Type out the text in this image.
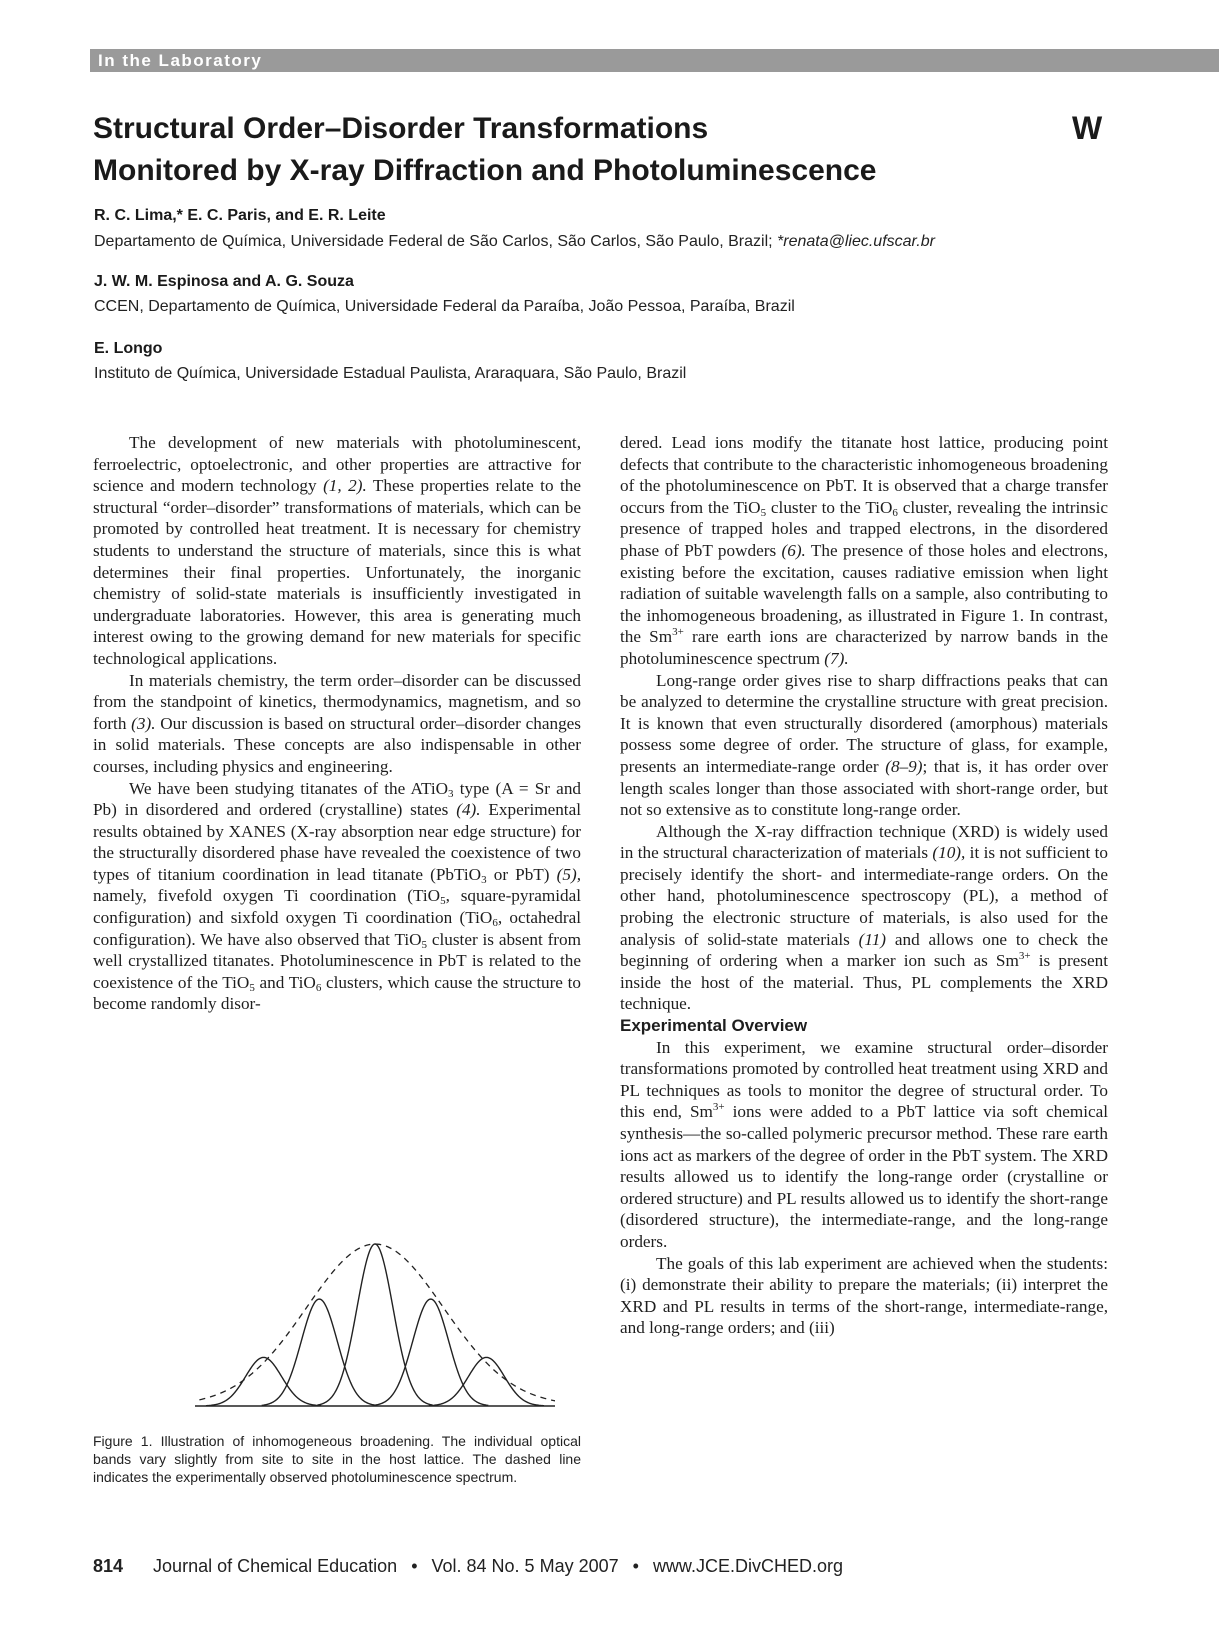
In the Laboratory
Structural Order–Disorder Transformations
Monitored by X-ray Diffraction and Photoluminescence
W
R. C. Lima,* E. C. Paris, and E. R. Leite
Departamento de Química, Universidade Federal de São Carlos, São Carlos, São Paulo, Brazil; *renata@liec.ufscar.br
J. W. M. Espinosa and A. G. Souza
CCEN, Departamento de Química, Universidade Federal da Paraíba, João Pessoa, Paraíba, Brazil
E. Longo
Instituto de Química, Universidade Estadual Paulista, Araraquara, São Paulo, Brazil

The development of new materials with photoluminescent, ferroelectric, optoelectronic, and other properties are attractive for science and modern technology (1, 2). These properties relate to the structural “order–disorder” transformations of materials, which can be promoted by controlled heat treatment. It is necessary for chemistry students to understand the structure of materials, since this is what determines their final properties. Unfortunately, the inorganic chemistry of solid-state materials is insufficiently investigated in undergraduate laboratories. However, this area is generating much interest owing to the growing demand for new materials for specific technological applications.

In materials chemistry, the term order–disorder can be discussed from the standpoint of kinetics, thermodynamics, magnetism, and so forth (3). Our discussion is based on structural order–disorder changes in solid materials. These concepts are also indispensable in other courses, including physics and engineering.

We have been studying titanates of the ATiO$_3$ type (A = Sr and Pb) in disordered and ordered (crystalline) states (4). Experimental results obtained by XANES (X-ray absorption near edge structure) for the structurally disordered phase have revealed the coexistence of two types of titanium coordination in lead titanate (PbTiO$_3$ or PbT) (5), namely, fivefold oxygen Ti coordination (TiO$_5$, square-pyramidal configuration) and sixfold oxygen Ti coordination (TiO$_6$, octahedral configuration). We have also observed that TiO$_5$ cluster is absent from well crystallized titanates. Photoluminescence in PbT is related to the coexistence of the TiO$_5$ and TiO$_6$ clusters, which cause the structure to become randomly disor-

dered. Lead ions modify the titanate host lattice, producing point defects that contribute to the characteristic inhomogeneous broadening of the photoluminescence on PbT. It is observed that a charge transfer occurs from the TiO$_5$ cluster to the TiO$_6$ cluster, revealing the intrinsic presence of trapped holes and trapped electrons, in the disordered phase of PbT powders (6). The presence of those holes and electrons, existing before the excitation, causes radiative emission when light radiation of suitable wavelength falls on a sample, also contributing to the inhomogeneous broadening, as illustrated in Figure 1. In contrast, the $Sm^{3+}$ rare earth ions are characterized by narrow bands in the photoluminescence spectrum (7).

Long-range order gives rise to sharp diffractions peaks that can be analyzed to determine the crystalline structure with great precision. It is known that even structurally disordered (amorphous) materials possess some degree of order. The structure of glass, for example, presents an intermediate-range order (8–9); that is, it has order over length scales longer than those associated with short-range order, but not so extensive as to constitute long-range order.

Although the X-ray diffraction technique (XRD) is widely used in the structural characterization of materials (10), it is not sufficient to precisely identify the short- and intermediate-range orders. On the other hand, photoluminescence spectroscopy (PL), a method of probing the electronic structure of materials, is also used for the analysis of solid-state materials (11) and allows one to check the beginning of ordering when a marker ion such as $Sm^{3+}$ is present inside the host of the material. Thus, PL complements the XRD technique.

Experimental Overview

In this experiment, we examine structural order–disorder transformations promoted by controlled heat treatment using XRD and PL techniques as tools to monitor the degree of structural order. To this end, $Sm^{3+}$ ions were added to a PbT lattice via soft chemical synthesis—the so-called polymeric precursor method. These rare earth ions act as markers of the degree of order in the PbT system. The XRD results allowed us to identify the long-range order (crystalline or ordered structure) and PL results allowed us to identify the short-range (disordered structure), the intermediate-range, and the long-range orders.

The goals of this lab experiment are achieved when the students: (i) demonstrate their ability to prepare the materials; (ii) interpret the XRD and PL results in terms of the short-range, intermediate-range, and long-range orders; and (iii)

Figure 1. Illustration of inhomogeneous broadening. The individual optical bands vary slightly from site to site in the host lattice. The dashed line indicates the experimentally observed photoluminescence spectrum.
814 Journal of Chemical Education • Vol. 84 No. 5 May 2007 • www.JCE.DivCHED.org
